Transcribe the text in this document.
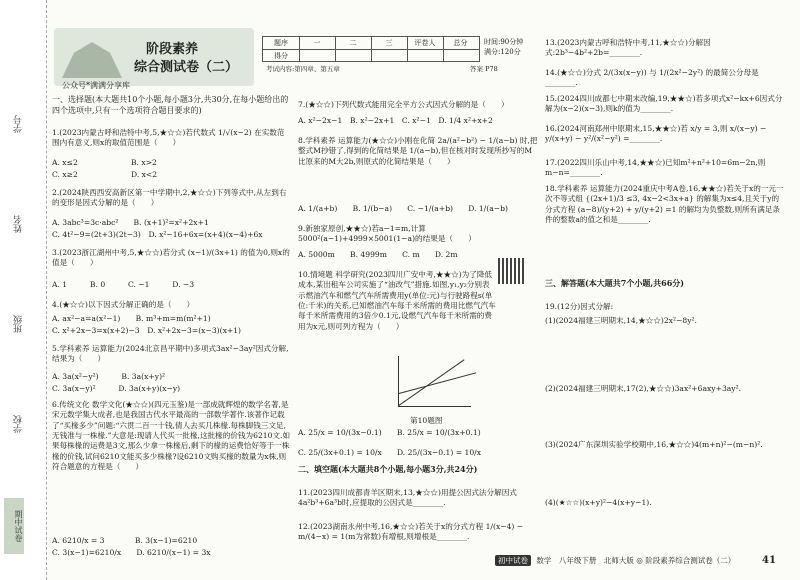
学号
姓名
班级
学校
期中试卷
阶段素养
综合测试卷（二）
公众号*满满分享库
题序	一	二	三	评卷人	总分
得分
时间:90分钟
满分:120分
考试内容:第四章、第五章	答案 P78
一、选择题(本大题共10个小题,每小题3分,共30分,在每小题给出的四个选项中,只有一个选项符合题目要求的)

1.(2023内蒙古呼和浩特中考,5,★☆☆)若代数式 1/√(x−2) 在实数范围内有意义,则x的取值范围是（　　）

A. x≤2　　　　　　　B. x>2

C. x≥2　　　　　　　D. x<2

2.(2024陕西西安高新区第一中学期中,2,★☆☆)下列等式中,从左到右的变形是因式分解的是（　　）

A. 3abc³=3c·abc²　　B. (x+1)²=x²+2x+1

C. 4t²−9=(2t+3)(2t−3)　D. x²−16+6x=(x+4)(x−4)+6x

3.(2023浙江湖州中考,5,★☆☆)若分式 (x−1)/(3x+1) 的值为0,则x的值是（　　）

A. 1　　　B. 0　　　C. −1　　　D. −3

4.(★☆☆)以下因式分解正确的是（　　）

A. ax²−a=a(x²−1)　　B. m³+m=m(m²+1)

C. x²+2x−3=x(x+2)−3　D. x²+2x−3=(x−3)(x+1)

5.学科素养 运算能力(2024北京昌平期中)多项式3ax²−3ay²因式分解,结果为（　　）

A. 3a(x²−y²)　　　B. 3a(x+y)²

C. 3a(x−y)²　　　D. 3a(x+y)(x−y)

6.传统文化 数学文化(★☆☆)(四元玉鉴)是一部成就辉煌的数学名著,是宋元数学集大成者,也是我国古代水平最高的一部数学著作.该著作记载了“买椽多少”问题:“六贯二百一十钱,倩人去买几株椽.每株脚钱三文足,无钱准与一株椽.”大意是:现请人代买一批椽,这批椽的价钱为6210文.如果每株椽的运费是3文,那么少拿一株椽后,剩下的椽的运费恰好等于一株椽的价钱,试问6210文能买多少株椽?设6210文购买椽的数量为x株,则符合题意的方程是（　　）

A. 6210/x = 3　　　　B. 3(x−1)=6210

C. 3(x−1)=6210/x　　D. 6210/(x−1) = 3x

7.(★☆☆)下列代数式能用完全平方公式因式分解的是（　　）

A. x²−2x−1　B. x²−2x+1　C. x²−1　D. 1/4 x²+x+2

8.学科素养 运算能力(★☆☆)小刚在化简 2a/(a²−b²) − 1/(a−b) 时,把整式M抄错了,得到的化简结果是 1/(a−b),但在核对时发现所抄写的M比原来的M大2b,则原式的化简结果是（　　）

A. 1/(a+b)　　B. 1/(b−a)　　C. −1/(a+b)　　D. 1/(a−b)

9.新独家原创,★★☆)若a−1=m,计算5000²(a−1)+4999×5001(1−a)的结果是（　　）

A. 5000m　　B. 4999m　　C. m　　D. 2m

10.情境题 科学研究(2023四川广安中考,★★☆)为了降低成本,某出租车公司实施了“油改气”措施.如图,y₁,y₂分别表示燃油汽车和燃气汽车所需费用y(单位:元)与行驶路程s(单位:千米)的关系,已知燃油汽车每千米所需的费用比燃气汽车每千米所需费用的3倍少0.1元,设燃气汽车每千米所需的费用为x元,则可列方程为（　　）

第10题图

A. 25/x = 10/(3x−0.1)　　B. 25/x = 10/(3x+0.1)

C. 25/(3x+0.1) = 10/x　　D. 25/(3x−0.1) = 10/x

11.(2023四川成都青羊区期末,13,★☆☆)用提公因式法分解因式4a²b³+6a³b时,应提取的公因式是________.

12.(2023湖南永州中考,16,★☆☆)若关于x的分式方程 1/(x−4) − m/(4−x) = 1(m为常数)有增根,则增根是________.

二、填空题(本大题共8个小题,每小题3分,共24分)

13.(2023内蒙古呼和浩特中考,11,★☆☆)分解因式:2b³−4b²+2b=________.

14.(★☆☆)分式 2/(3x(x−y)) 与 1/(2x²−2y²) 的最简公分母是________.

15.(2024四川成都七中期末改编,19,★★☆)若多项式x²−kx+6因式分解为(x−2)(x−3),则k的值为________.

16.(2024河南郑州中原期末,15,★★☆)若 x/y = 3,则 x/(x−y) − y/(x+y) − y²/(x²−y²) =________.

17.(2022四川乐山中考,14,★★☆)已知m²+n²+10=6m−2n,则m−n=________.

18.学科素养 运算能力(2024重庆中考A卷,16,★★☆)若关于x的一元一次不等式组 {(2x+1)/3 ≤3, 4x−2<3x+a} 的解集为x≤4,且关于y的分式方程 (a−8)/(y+2) + y/(y+2) =1 的解均为负整数,则所有满足条件的整数a的值之和是________.

19.(12分)因式分解:

(1)(2024福建三明期末,14,★☆☆)2x²−8y².

(2)(2024福建三明期末,17(2),★☆☆)3ax²+6axy+3ay².

(3)(2024广东深圳实验学校期中,16,★☆☆)4(m+n)²−(m−n)².

(4)(★☆☆)(x+y)²−4(x+y−1).

三、解答题(本大题共7个小题,共66分)
初中试卷 数学　八年级下册　北师大版 ◎ 阶段素养综合测试卷（二）	41
